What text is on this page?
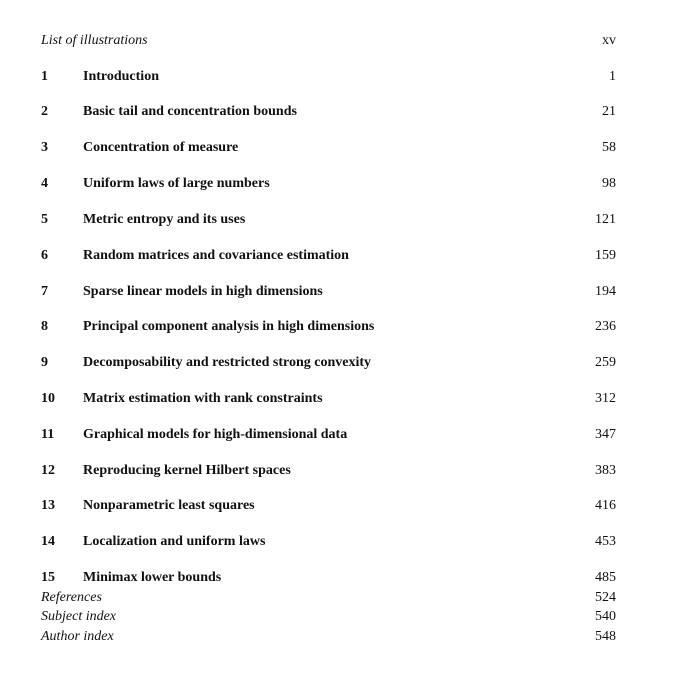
List of illustrations	xv
1	Introduction	1
2	Basic tail and concentration bounds	21
3	Concentration of measure	58
4	Uniform laws of large numbers	98
5	Metric entropy and its uses	121
6	Random matrices and covariance estimation	159
7	Sparse linear models in high dimensions	194
8	Principal component analysis in high dimensions	236
9	Decomposability and restricted strong convexity	259
10 Matrix estimation with rank constraints	312
11 Graphical models for high-dimensional data	347
12 Reproducing kernel Hilbert spaces	383
13 Nonparametric least squares	416
14 Localization and uniform laws	453
15 Minimax lower bounds	485
References	524
Subject index	540
Author index	548
